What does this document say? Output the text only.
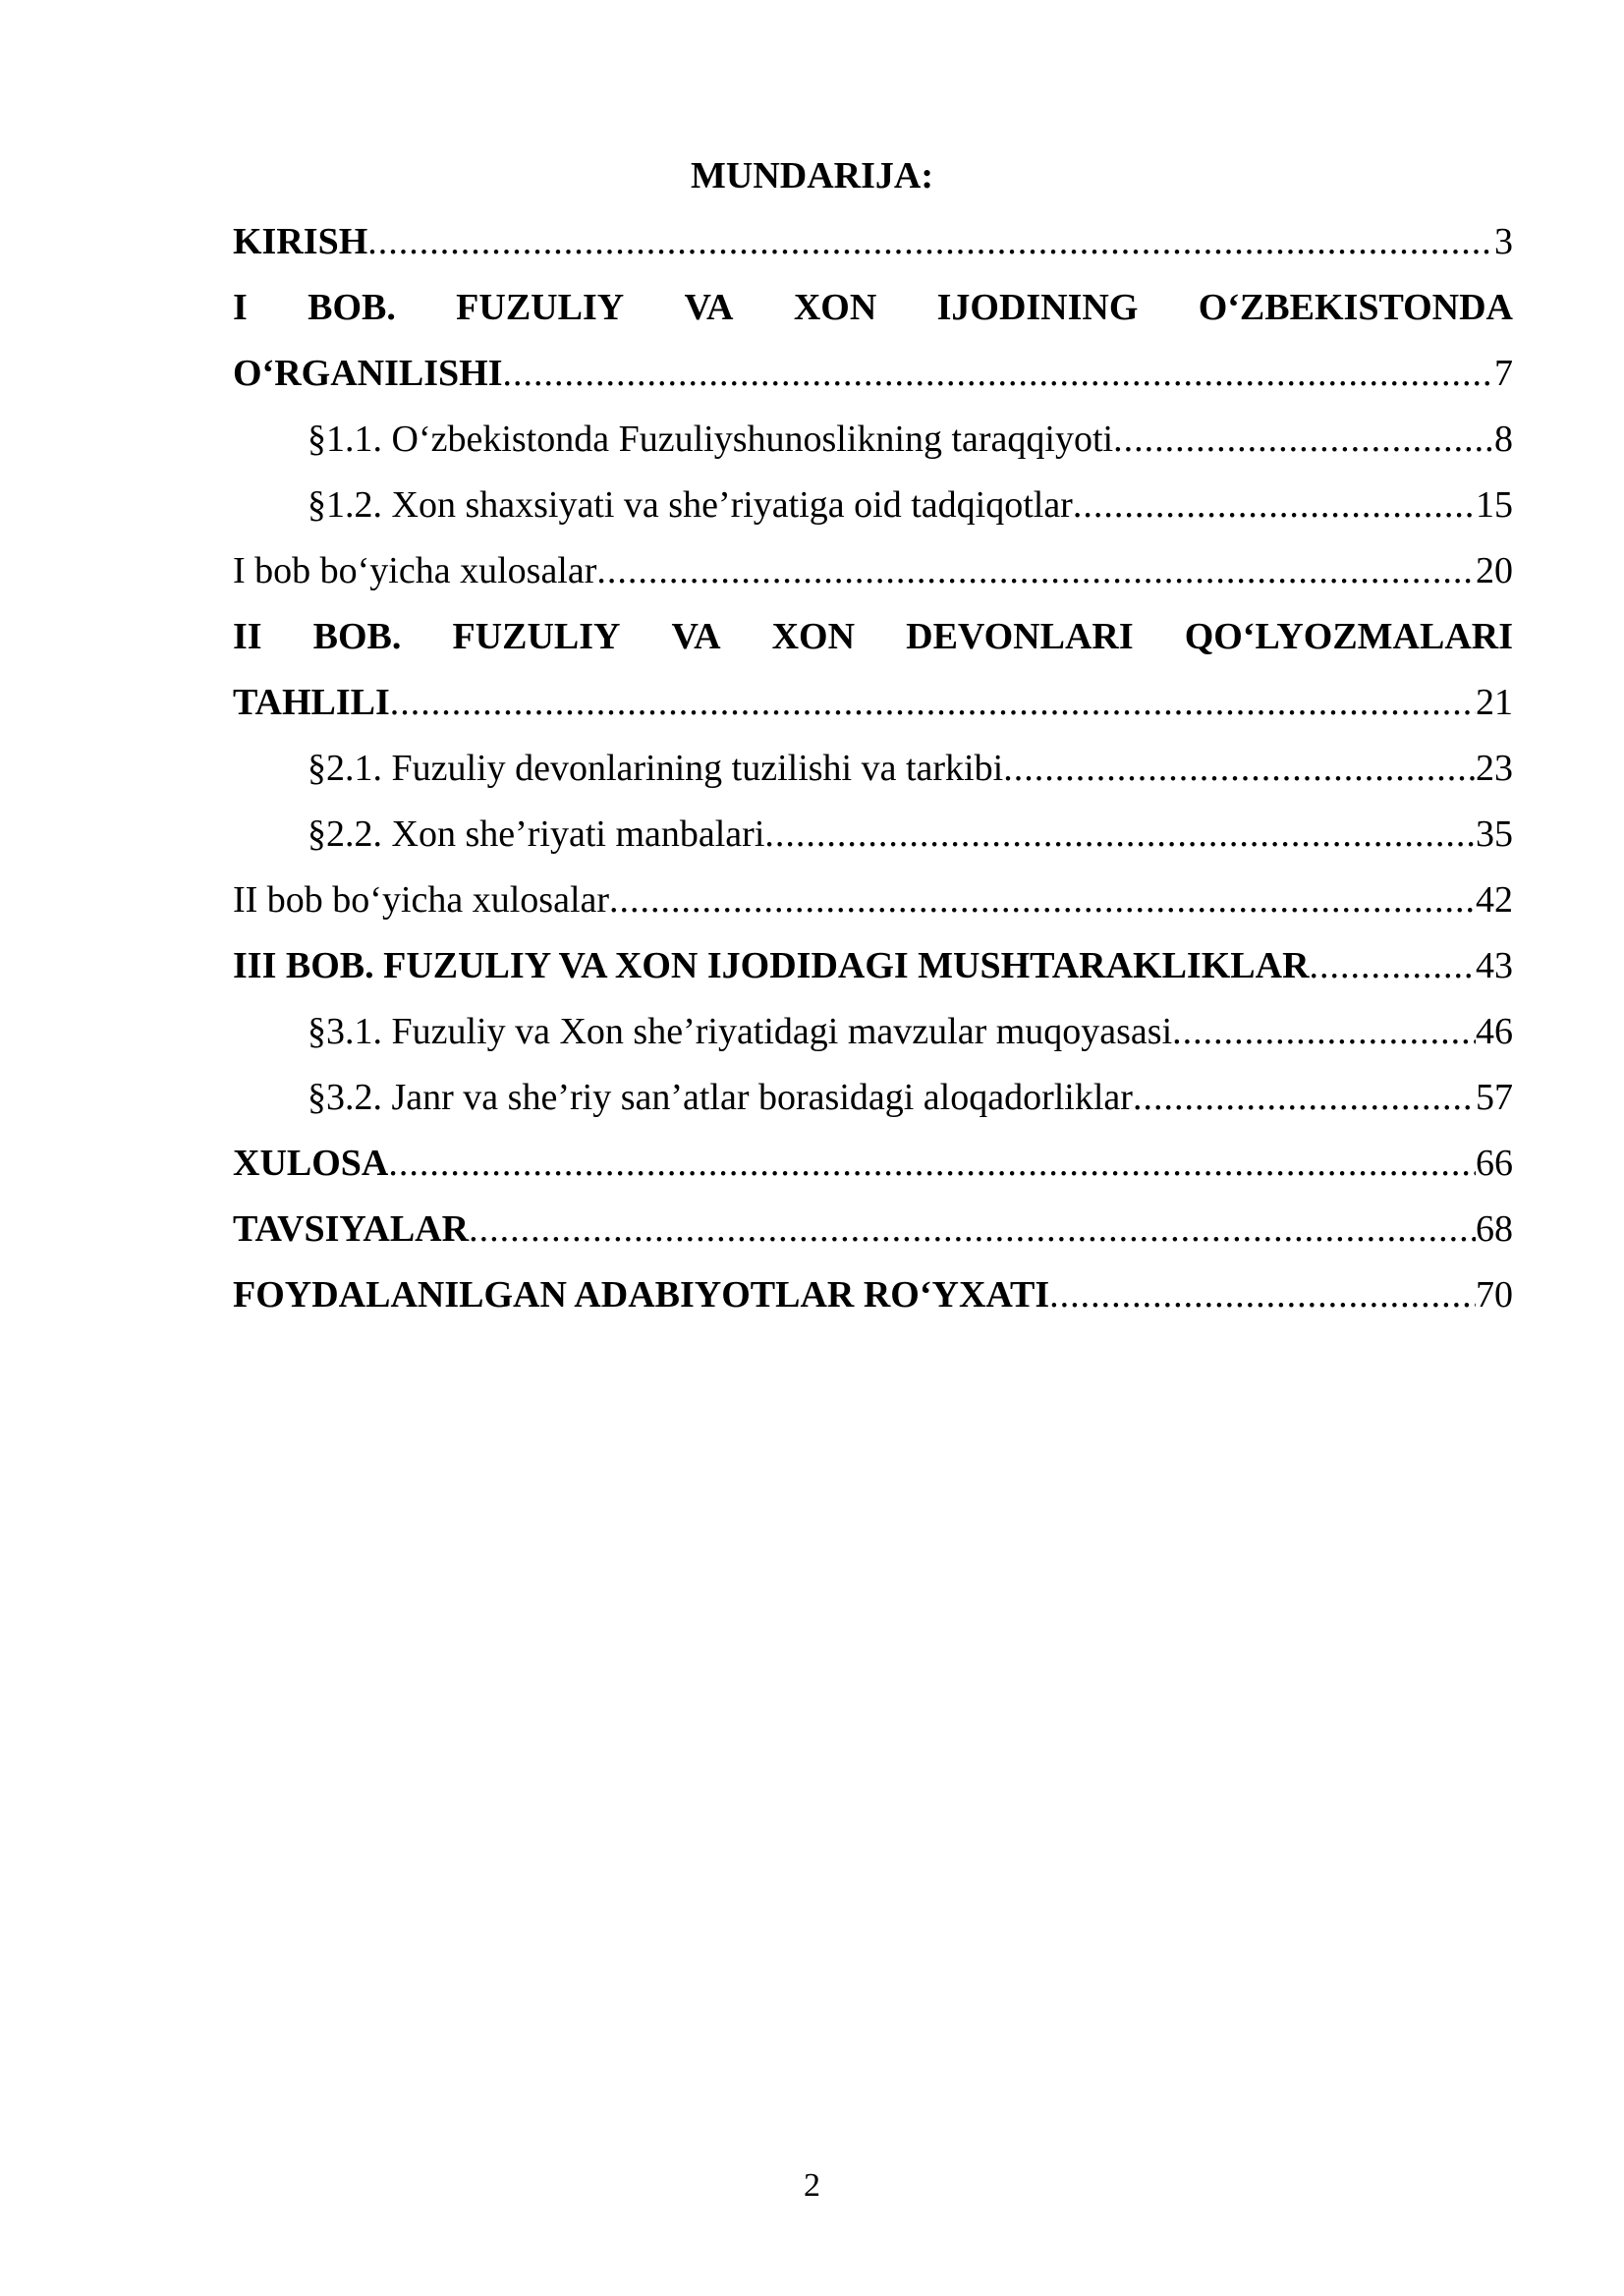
MUNDARIJA:
KIRISH .....	3
I BOB. FUZULIY VA XON IJODINING O‘ZBEKISTONDA
O‘RGANILISHI .....	7
§1.1. O‘zbekistonda Fuzuliyshunoslikning taraqqiyoti .....	8
§1.2. Xon shaxsiyati va she’riyatiga oid tadqiqotlar .....	15
I bob bo‘yicha xulosalar .....	20
II BOB. FUZULIY VA XON DEVONLARI QO‘LYOZMALARI
TAHLILI .....	21
§2.1. Fuzuliy devonlarining tuzilishi va tarkibi .....	23
§2.2. Xon she’riyati manbalari .....	35
II bob bo‘yicha xulosalar .....	42
III BOB. FUZULIY VA XON IJODIDAGI MUSHTARAKLIKLAR .....	43
§3.1. Fuzuliy va Xon she’riyatidagi mavzular muqoyasasi .....	46
§3.2. Janr va she’riy san’atlar borasidagi aloqadorliklar .....	57
XULOSA .....	66
TAVSIYALAR .....	68
FOYDALANILGAN ADABIYOTLAR RO‘YXATI .....	70
2
